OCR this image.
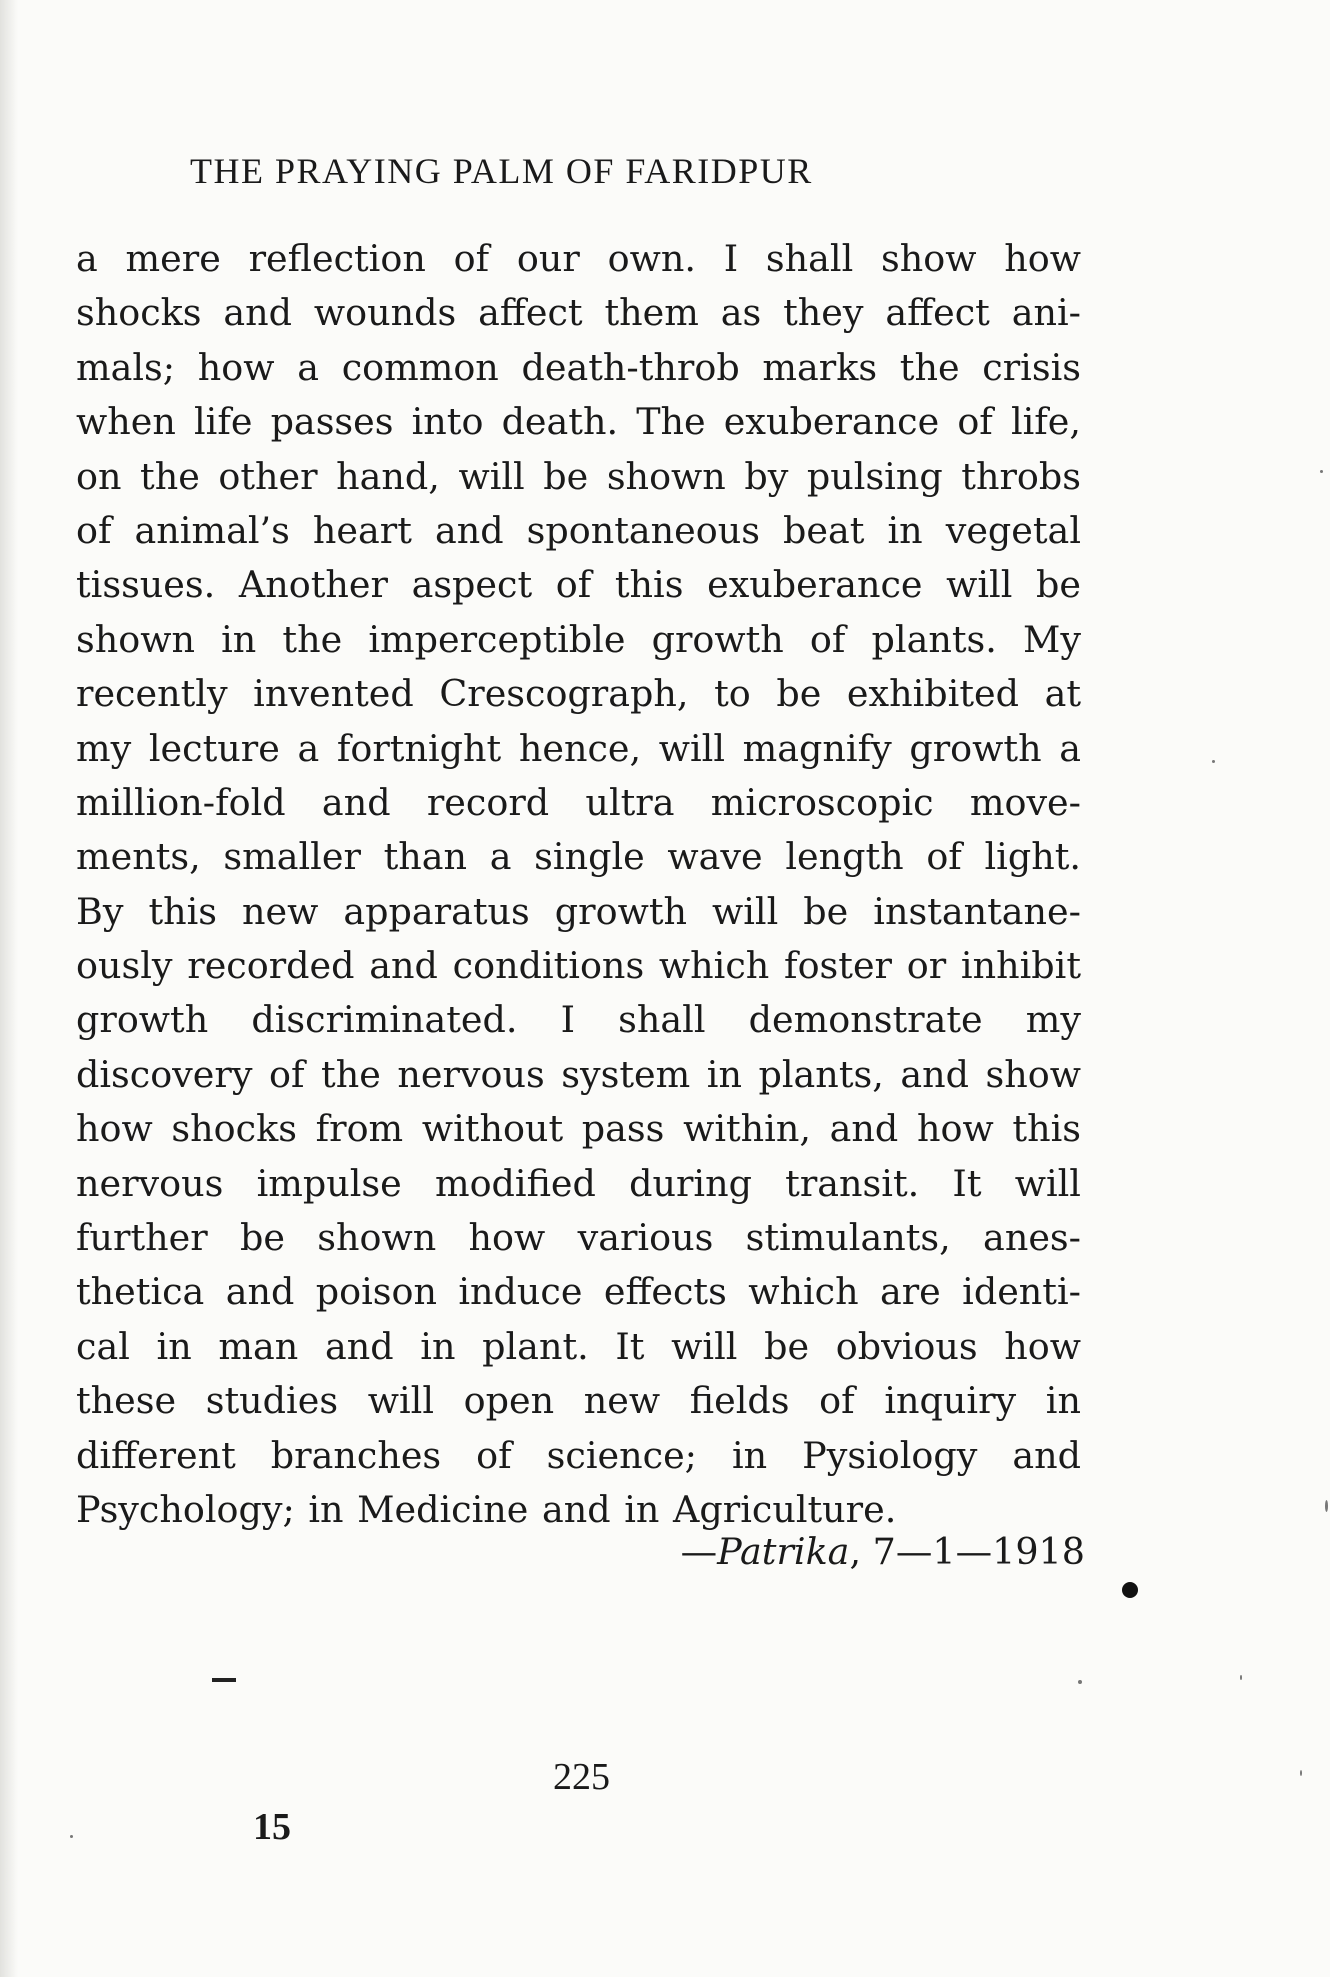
THE PRAYING PALM OF FARIDPUR
a mere reflection of our own. I shall show how
shocks and wounds affect them as they affect ani-
mals; how a common death-throb marks the crisis
when life passes into death. The exuberance of life,
on the other hand, will be shown by pulsing throbs
of animal’s heart and spontaneous beat in vegetal
tissues. Another aspect of this exuberance will be
shown in the imperceptible growth of plants. My
recently invented Crescograph, to be exhibited at
my lecture a fortnight hence, will magnify growth a
million-fold and record ultra microscopic move-
ments, smaller than a single wave length of light.
By this new apparatus growth will be instantane-
ously recorded and conditions which foster or inhibit
growth discriminated. I shall demonstrate my
discovery of the nervous system in plants, and show
how shocks from without pass within, and how this
nervous impulse modified during transit. It will
further be shown how various stimulants, anes-
thetica and poison induce effects which are identi-
cal in man and in plant. It will be obvious how
these studies will open new fields of inquiry in
different branches of science; in Pysiology and
Psychology; in Medicine and in Agriculture.
—Patrika, 7—1—1918
225
15
